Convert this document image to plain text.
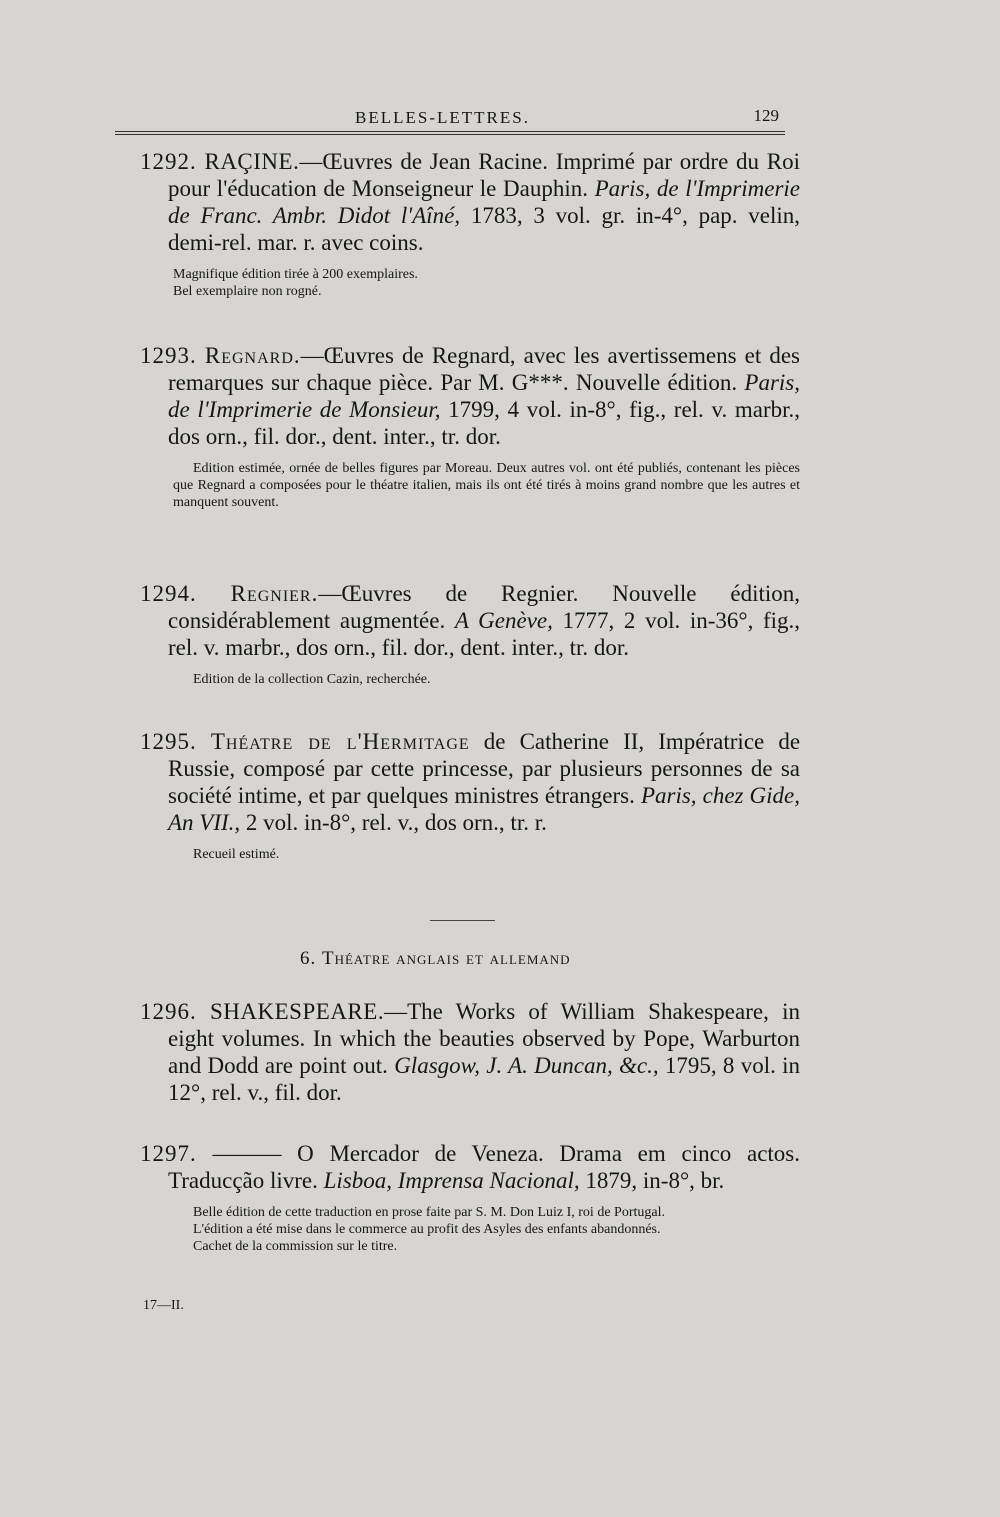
BELLES-LETTRES.	129

1292. RAÇINE.—Œuvres de Jean Racine. Imprimé par ordre du Roi pour l'éducation de Monseigneur le Dauphin. Paris, de l'Imprimerie de Franc. Ambr. Didot l'Aîné, 1783, 3 vol. gr. in-4°, pap. velin, demi-rel. mar. r. avec coins.

Magnifique édition tirée à 200 exemplaires.

Bel exemplaire non rogné.

1293. Regnard.—Œuvres de Regnard, avec les avertissemens et des remarques sur chaque pièce. Par M. G***. Nouvelle édition. Paris, de l'Imprimerie de Monsieur, 1799, 4 vol. in-8°, fig., rel. v. marbr., dos orn., fil. dor., dent. inter., tr. dor.

Edition estimée, ornée de belles figures par Moreau. Deux autres vol. ont été publiés, contenant les pièces que Regnard a composées pour le théatre italien, mais ils ont été tirés à moins grand nombre que les autres et manquent souvent.

1294. Regnier.—Œuvres de Regnier. Nouvelle édition, considérablement augmentée. A Genève, 1777, 2 vol. in-36°, fig., rel. v. marbr., dos orn., fil. dor., dent. inter., tr. dor.

Edition de la collection Cazin, recherchée.

1295. Théatre de l'Hermitage de Catherine II, Impératrice de Russie, composé par cette princesse, par plusieurs personnes de sa société intime, et par quelques ministres étrangers. Paris, chez Gide, An VII., 2 vol. in-8°, rel. v., dos orn., tr. r.

Recueil estimé.

6. Théatre anglais et allemand

1296. SHAKESPEARE.—The Works of William Shakespeare, in eight volumes. In which the beauties observed by Pope, Warburton and Dodd are point out. Glasgow, J. A. Duncan, &c., 1795, 8 vol. in 12°, rel. v., fil. dor.

1297. ——— O Mercador de Veneza. Drama em cinco actos. Traducção livre. Lisboa, Imprensa Nacional, 1879, in-8°, br.

Belle édition de cette traduction en prose faite par S. M. Don Luiz I, roi de Portugal.

L'édition a été mise dans le commerce au profit des Asyles des enfants abandonnés.

Cachet de la commission sur le titre.

17—II.
